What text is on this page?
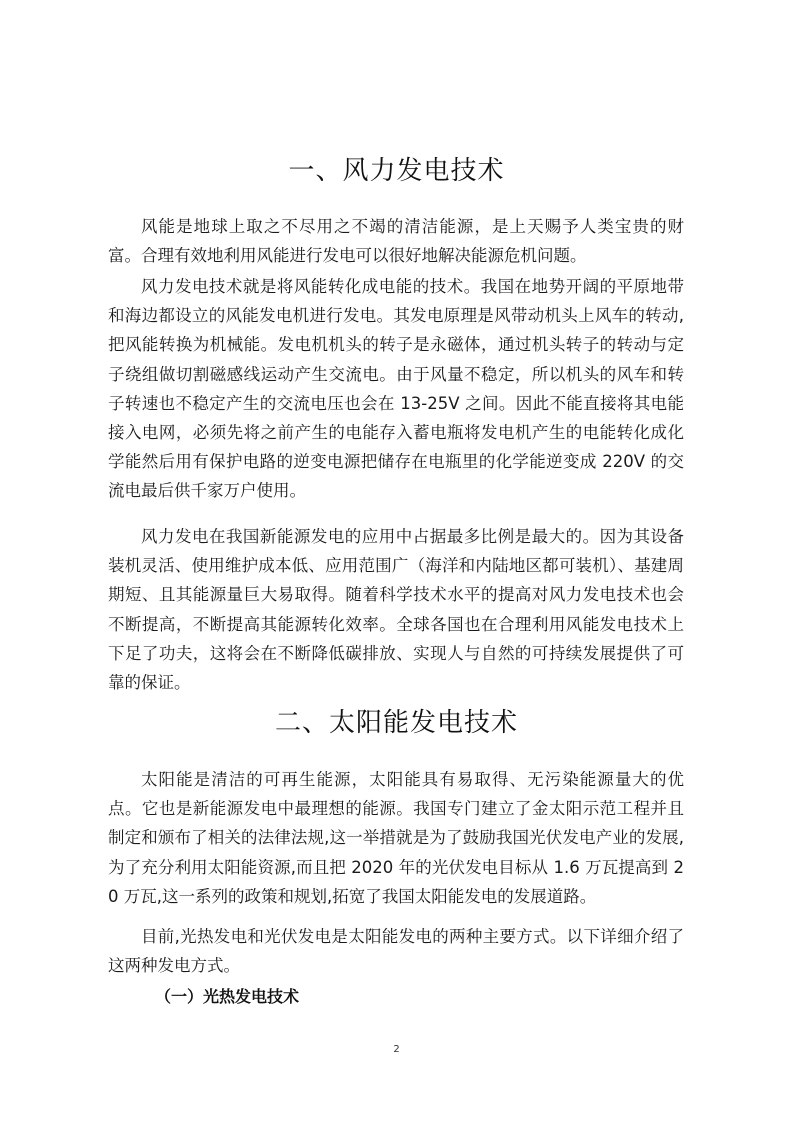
一、风力发电技术

风能是地球上取之不尽用之不竭的清洁能源，是上天赐予人类宝贵的财富。合理有效地利用风能进行发电可以很好地解决能源危机问题。

风力发电技术就是将风能转化成电能的技术。我国在地势开阔的平原地带和海边都设立的风能发电机进行发电。其发电原理是风带动机头上风车的转动,把风能转换为机械能。发电机机头的转子是永磁体，通过机头转子的转动与定子绕组做切割磁感线运动产生交流电。由于风量不稳定，所以机头的风车和转子转速也不稳定产生的交流电压也会在 13-25V 之间。因此不能直接将其电能接入电网，必须先将之前产生的电能存入蓄电瓶将发电机产生的电能转化成化学能然后用有保护电路的逆变电源把储存在电瓶里的化学能逆变成 220V 的交流电最后供千家万户使用。

风力发电在我国新能源发电的应用中占据最多比例是最大的。因为其设备装机灵活、使用维护成本低、应用范围广（海洋和内陆地区都可装机）、基建周期短、且其能源量巨大易取得。随着科学技术水平的提高对风力发电技术也会不断提高，不断提高其能源转化效率。全球各国也在合理利用风能发电技术上下足了功夫，这将会在不断降低碳排放、实现人与自然的可持续发展提供了可靠的保证。

二、太阳能发电技术

太阳能是清洁的可再生能源，太阳能具有易取得、无污染能源量大的优点。它也是新能源发电中最理想的能源。我国专门建立了金太阳示范工程并且制定和颁布了相关的法律法规,这一举措就是为了鼓励我国光伏发电产业的发展,为了充分利用太阳能资源,而且把 2020 年的光伏发电目标从 1.6 万瓦提高到 20 万瓦,这一系列的政策和规划,拓宽了我国太阳能发电的发展道路。

目前,光热发电和光伏发电是太阳能发电的两种主要方式。以下详细介绍了这两种发电方式。

（一）光热发电技术
2
